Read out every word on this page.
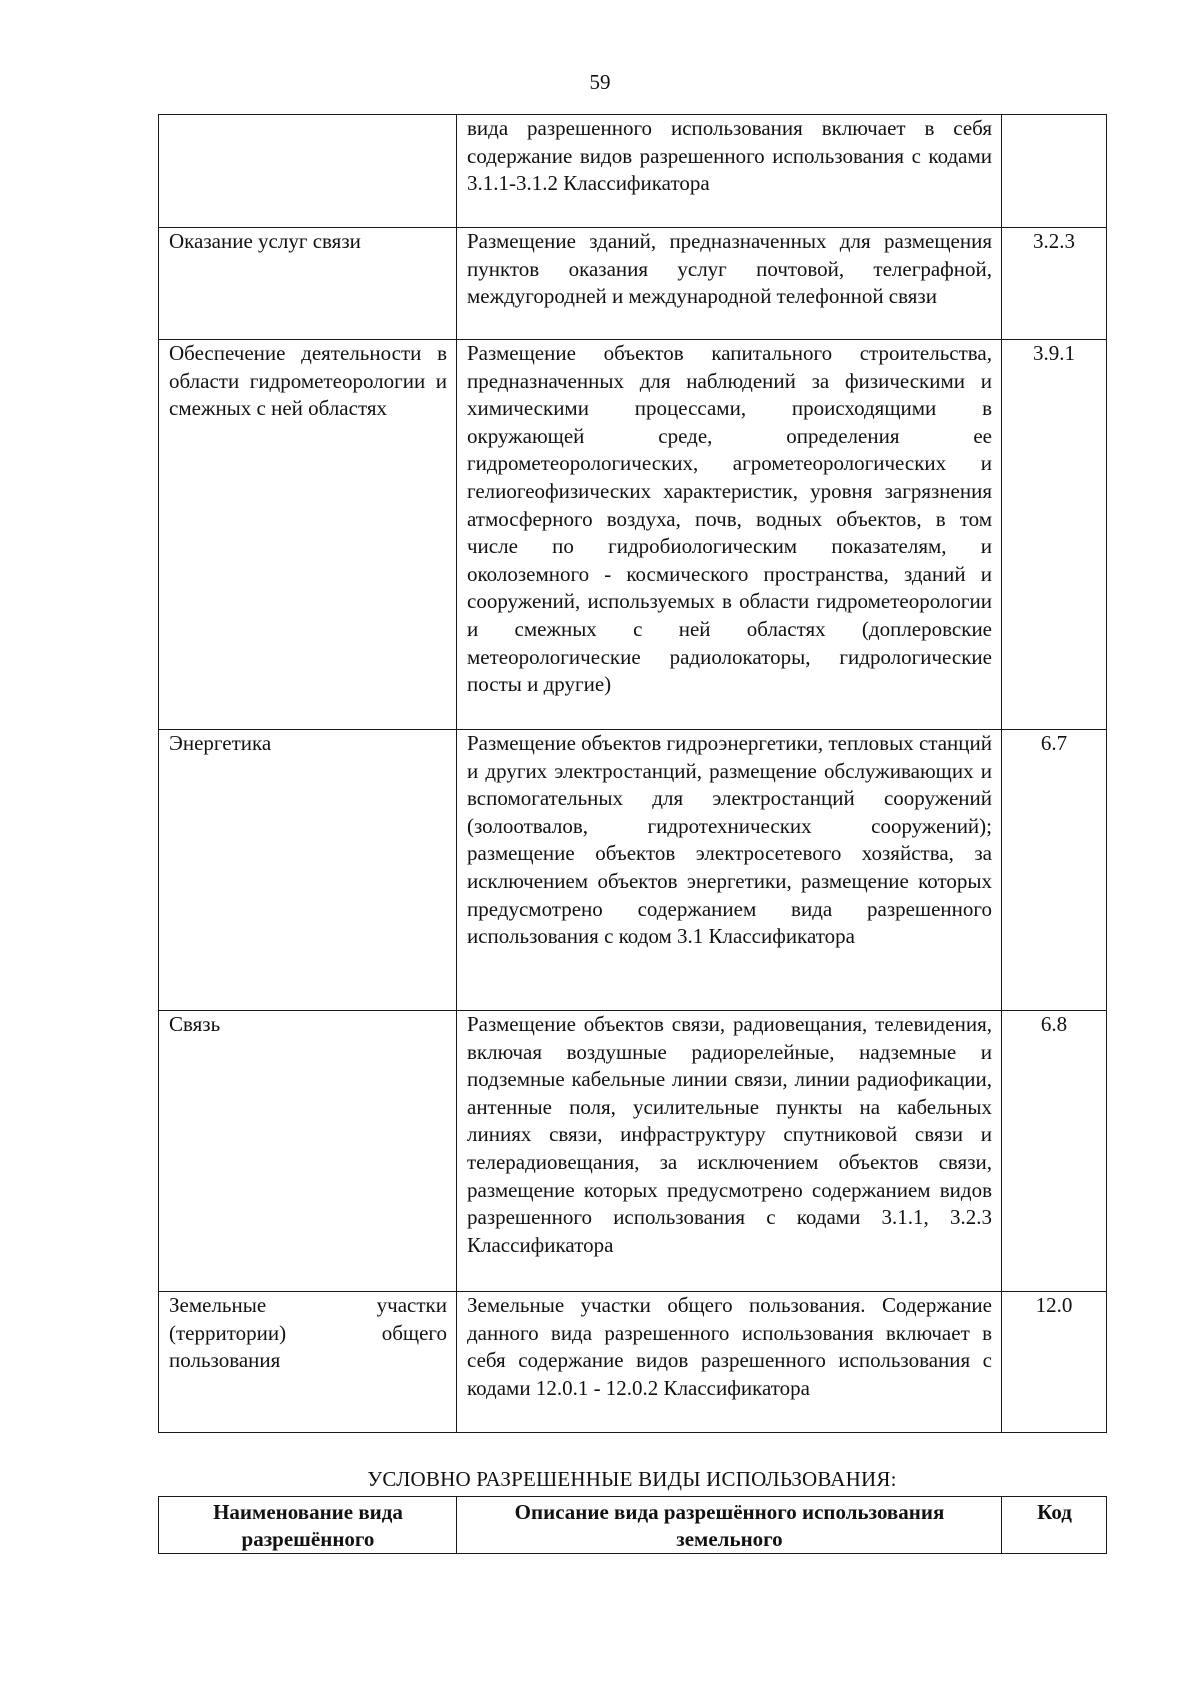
59
	вида разрешенного использования включает в себя содержание видов разрешенного использования с кодами 3.1.1-3.1.2 Классификатора	
Оказание услуг связи	Размещение зданий, предназначенных для размещения пунктов оказания услуг почтовой, телеграфной, междугородней и международной телефонной связи	3.2.3
Обеспечение деятельности в области гидрометеорологии и смежных с ней областях	Размещение объектов капитального строительства, предназначенных для наблюдений за физическими и химическими процессами, происходящими в окружающей среде, определения ее гидрометеорологических, агрометеорологических и гелиогеофизических характеристик, уровня загрязнения атмосферного воздуха, почв, водных объектов, в том числе по гидробиологическим показателям, и околоземного - космического пространства, зданий и сооружений, используемых в области гидрометеорологии и смежных с ней областях (доплеровские метеорологические радиолокаторы, гидрологические посты и другие)	3.9.1
Энергетика	Размещение объектов гидроэнергетики, тепловых станций и других электростанций, размещение обслуживающих и вспомогательных для электростанций сооружений (золоотвалов, гидротехнических сооружений); размещение объектов электросетевого хозяйства, за исключением объектов энергетики, размещение которых предусмотрено содержанием вида разрешенного использования с кодом 3.1 Классификатора	6.7
Связь	Размещение объектов связи, радиовещания, телевидения, включая воздушные радиорелейные, надземные и подземные кабельные линии связи, линии радиофикации, антенные поля, усилительные пункты на кабельных линиях связи, инфраструктуру спутниковой связи и телерадиовещания, за исключением объектов связи, размещение которых предусмотрено содержанием видов разрешенного использования с кодами 3.1.1, 3.2.3 Классификатора	6.8
Земельные участки (территории) общего пользования	Земельные участки общего пользования. Содержание данного вида разрешенного использования включает в себя содержание видов разрешенного использования с кодами 12.0.1 - 12.0.2 Классификатора	12.0
УСЛОВНО РАЗРЕШЕННЫЕ ВИДЫ ИСПОЛЬЗОВАНИЯ:
Наименование вида разрешённого	Описание вида разрешённого использования земельного	Код
